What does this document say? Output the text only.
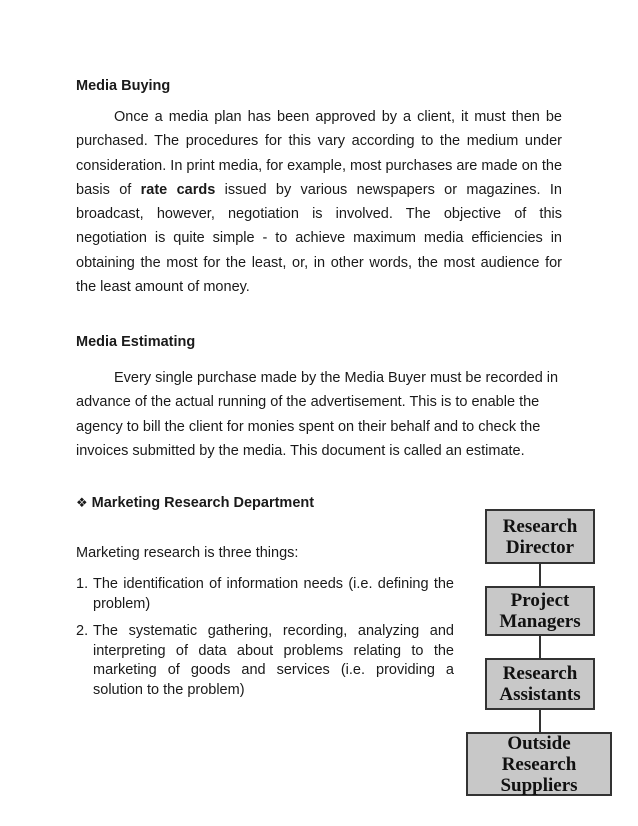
Media Buying

Once a media plan has been approved by a client, it must then be purchased. The procedures for this vary according to the medium under consideration. In print media, for example, most purchases are made on the basis of rate cards issued by various newspapers or magazines. In broadcast, however, negotiation is involved. The objective of this negotiation is quite simple - to achieve maximum media efficiencies in obtaining the most for the least, or, in other words, the most audience for the least amount of money.

Media Estimating

Every single purchase made by the Media Buyer must be recorded in advance of the actual running of the advertisement. This is to enable the agency to bill the client for monies spent on their behalf and to check the invoices submitted by the media. This document is called an estimate.

❖ Marketing Research Department
Marketing research is three things:
1. The identification of information needs (i.e. defining the problem)
2. The systematic gathering, recording, analyzing and interpreting of data about problems relating to the marketing of goods and services (i.e. providing a solution to the problem)
Research Director
Project Managers
Research Assistants
Outside Research Suppliers
